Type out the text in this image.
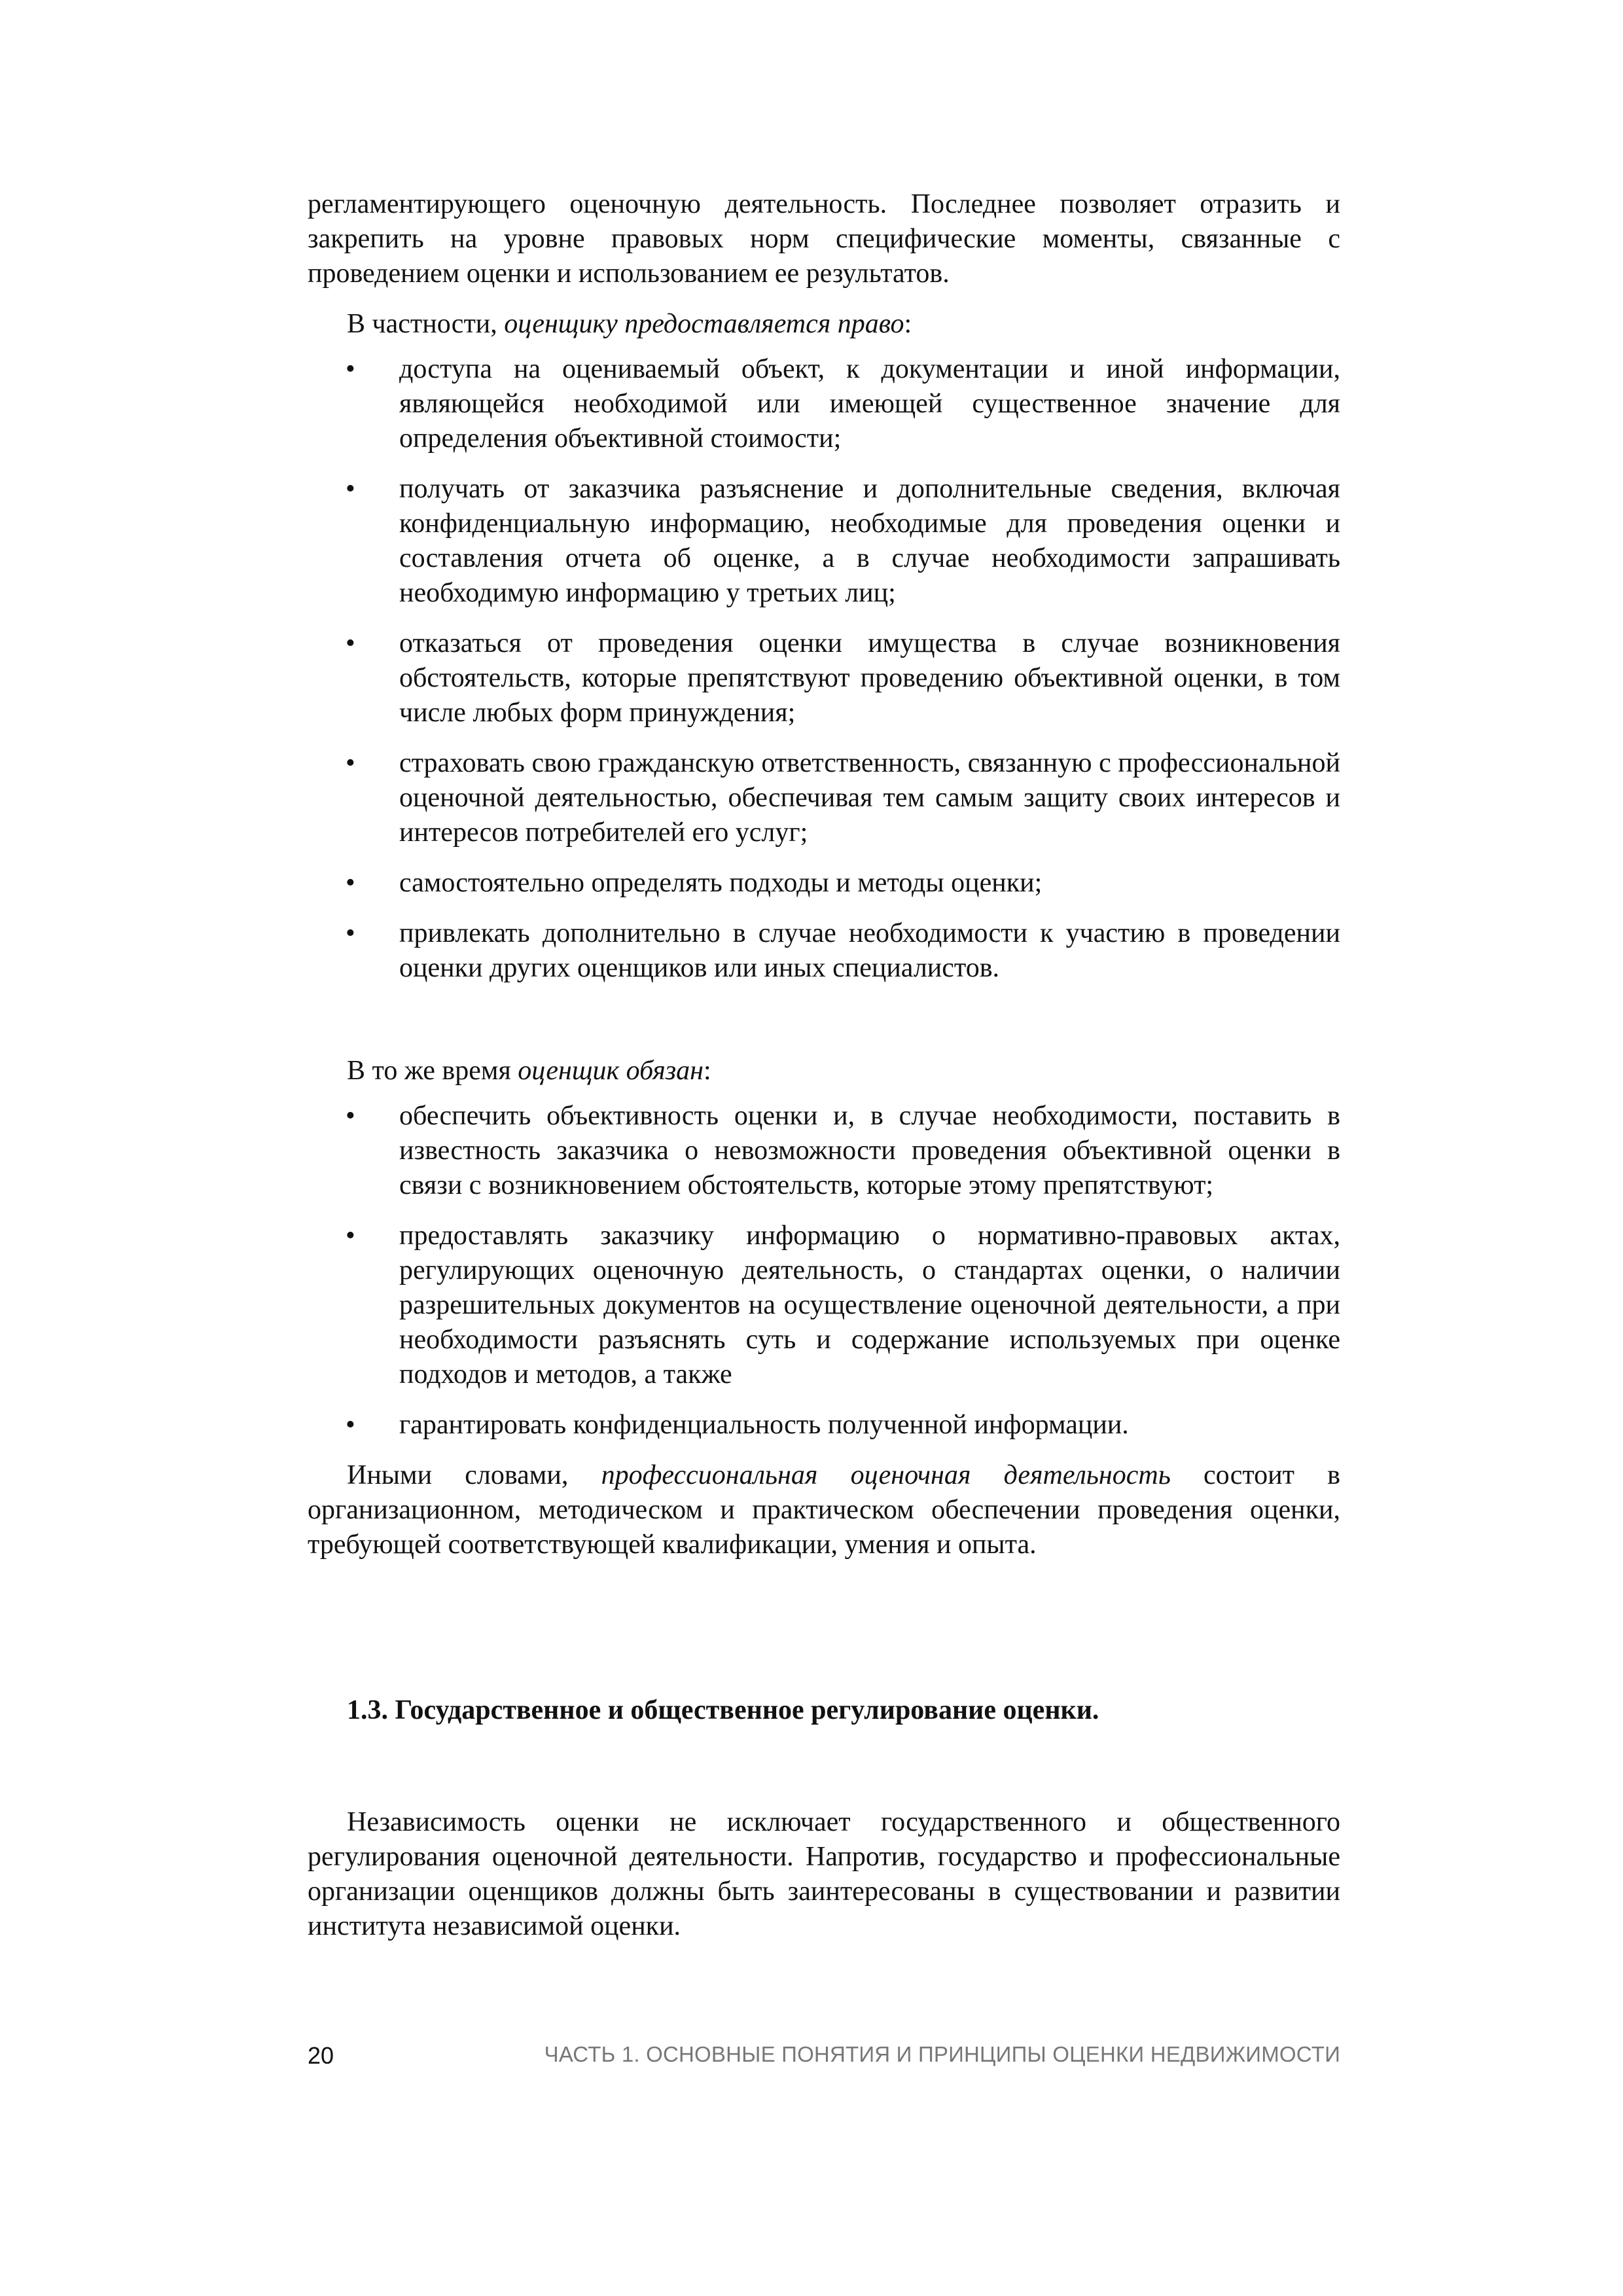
регламентирующего оценочную деятельность. Последнее позволяет отразить и закрепить на уровне правовых норм специфические моменты, связанные с проведением оценки и использованием ее результатов.

В частности, оценщику предоставляется право:

• доступа на оцениваемый объект, к документации и иной информации, являющейся необходимой или имеющей существенное значение для определения объективной стоимости;
• получать от заказчика разъяснение и дополнительные сведения, включая конфиденциальную информацию, необходимые для проведения оценки и составления отчета об оценке, а в случае необходимости запрашивать необходимую информацию у третьих лиц;
• отказаться от проведения оценки имущества в случае возникновения обстоятельств, которые препятствуют проведению объективной оценки, в том числе любых форм принуждения;
• страховать свою гражданскую ответственность, связанную с профессиональной оценочной деятельностью, обеспечивая тем самым защиту своих интересов и интересов потребителей его услуг;
• самостоятельно определять подходы и методы оценки;
• привлекать дополнительно в случае необходимости к участию в проведении оценки других оценщиков или иных специалистов.

В то же время оценщик обязан:

• обеспечить объективность оценки и, в случае необходимости, поставить в известность заказчика о невозможности проведения объективной оценки в связи с возникновением обстоятельств, которые этому препятствуют;
• предоставлять заказчику информацию о нормативно-правовых актах, регулирующих оценочную деятельность, о стандартах оценки, о наличии разрешительных документов на осуществление оценочной деятельности, а при необходимости разъяснять суть и содержание используемых при оценке подходов и методов, а также
• гарантировать конфиденциальность полученной информации.

Иными словами, профессиональная оценочная деятельность состоит в организационном, методическом и практическом обеспечении проведения оценки, требующей соответствующей квалификации, умения и опыта.

1.3. Государственное и общественное регулирование оценки.

Независимость оценки не исключает государственного и общественного регулирования оценочной деятельности. Напротив, государство и профессиональные организации оценщиков должны быть заинтересованы в существовании и развитии института независимой оценки.

20	ЧАСТЬ 1. ОСНОВНЫЕ ПОНЯТИЯ И ПРИНЦИПЫ ОЦЕНКИ НЕДВИЖИМОСТИ
